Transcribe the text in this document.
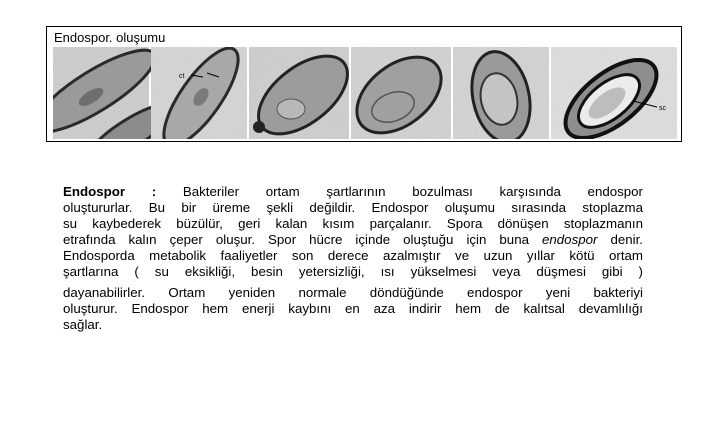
Endospor. oluşumu
ct
sc
Endospor : Bakteriler ortam şartlarının bozulması karşısında endospor
oluştururlar. Bu bir üreme şekli değildir. Endospor oluşumu sırasında stoplazma
su kaybederek büzülür, geri kalan kısım parçalanır. Spora dönüşen stoplazmanın
etrafında kalın çeper oluşur. Spor hücre içinde oluştuğu için buna endospor denir.
Endosporda metabolik faaliyetler son derece azalmıştır ve uzun yıllar kötü ortam
şartlarına ( su eksikliği, besin yetersizliği, ısı yükselmesi veya düşmesi gibi )
dayanabilirler. Ortam yeniden normale döndüğünde endospor yeni bakteriyi
oluşturur. Endospor hem enerji kaybını en aza indirir hem de kalıtsal devamlılığı
sağlar.
